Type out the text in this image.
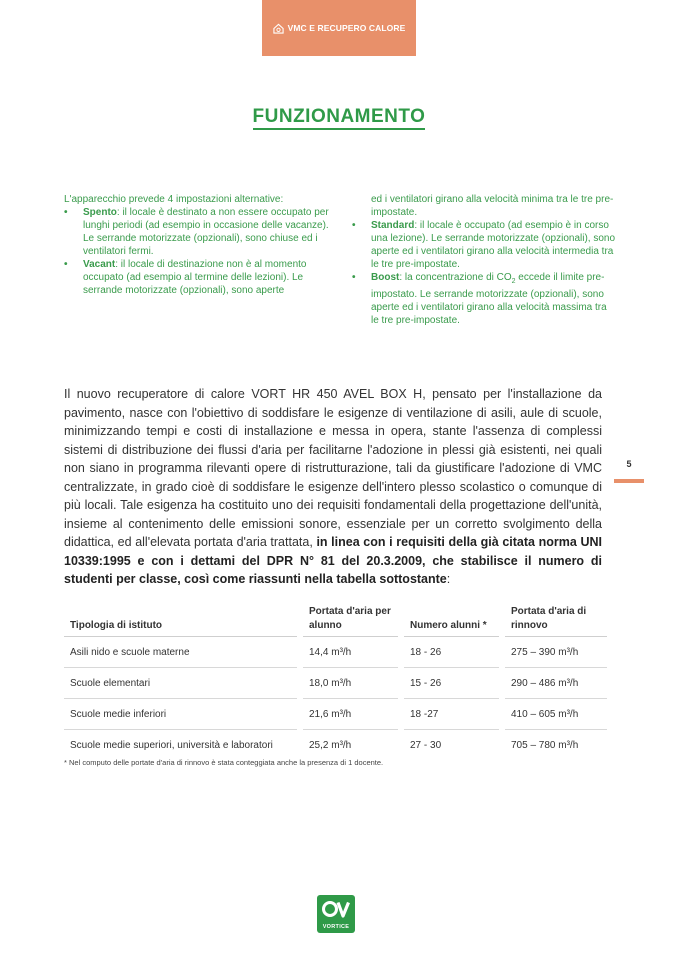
VMC E RECUPERO CALORE
FUNZIONAMENTO

L'apparecchio prevede 4 impostazioni alternative:

• Spento: il locale è destinato a non essere occupato per lunghi periodi (ad esempio in occasione delle vacanze). Le serrande motorizzate (opzionali), sono chiuse ed i ventilatori fermi.
• Vacant: il locale di destinazione non è al momento occupato (ad esempio al termine delle lezioni). Le serrande motorizzate (opzionali), sono aperte
ed i ventilatori girano alla velocità minima tra le tre pre-impostate.
• Standard: il locale è occupato (ad esempio è in corso una lezione). Le serrande motorizzate (opzionali), sono aperte ed i ventilatori girano alla velocità intermedia tra le tre pre-impostate.
• Boost: la concentrazione di $CO_2$ eccede il limite pre-impostato. Le serrande motorizzate (opzionali), sono aperte ed i ventilatori girano alla velocità massima tra le tre pre-impostate.

Il nuovo recuperatore di calore VORT HR 450 AVEL BOX H, pensato per l'installazione da pavimento, nasce con l'obiettivo di soddisfare le esigenze di ventilazione di asili, aule di scuole, minimizzando tempi e costi di installazione e messa in opera, stante l'assenza di complessi sistemi di distribuzione dei flussi d'aria per facilitarne l'adozione in plessi già esistenti, nei quali non siano in programma rilevanti opere di ristrutturazione, tali da giustificare l'adozione di VMC centralizzate, in grado cioè di soddisfare le esigenze dell'intero plesso scolastico o comunque di più locali. Tale esigenza ha costituito uno dei requisiti fondamentali della progettazione dell'unità, insieme al contenimento delle emissioni sonore, essenziale per un corretto svolgimento della didattica, ed all'elevata portata d'aria trattata, in linea con i requisiti della già citata norma UNI 10339:1995 e con i dettami del DPR N° 81 del 20.3.2009, che stabilisce il numero di studenti per classe, così come riassunti nella tabella sottostante:

5
Tipologia di istituto		Portata d'aria per alunno		Numero alunni *		Portata d'aria di rinnovo
Asili nido e scuole materne		14,4 m³/h		18 - 26		275 – 390 m³/h
Scuole elementari		18,0 m³/h		15 - 26		290 – 486 m³/h
Scuole medie inferiori		21,6 m³/h		18 -27		410 – 605 m³/h
Scuole medie superiori, università e laboratori		25,2 m³/h		27 - 30		705 – 780 m³/h
* Nel computo delle portate d'aria di rinnovo è stata conteggiata anche la presenza di 1 docente.
VORTICE
